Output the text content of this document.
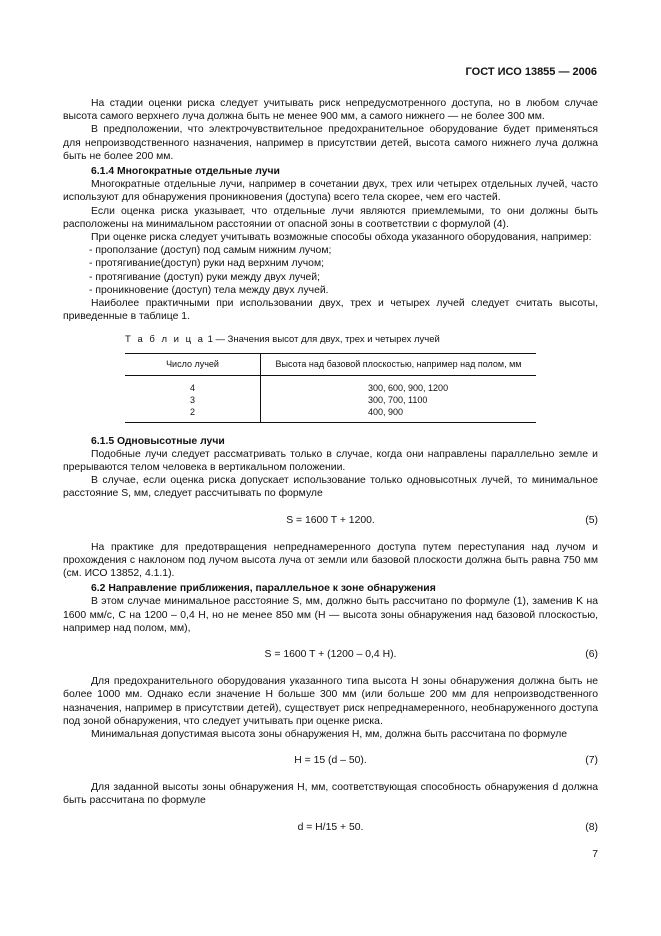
ГОСТ ИСО 13855 — 2006

На стадии оценки риска следует учитывать риск непредусмотренного доступа, но в любом случае высота самого верхнего луча должна быть не менее 900 мм, а самого нижнего — не более 300 мм.

В предположении, что электрочувствительное предохранительное оборудование будет применяться для непроизводственного назначения, например в присутствии детей, высота самого нижнего луча должна быть не более 200 мм.

6.1.4 Многократные отдельные лучи

Многократные отдельные лучи, например в сочетании двух, трех или четырех отдельных лучей, часто используют для обнаружения проникновения (доступа) всего тела скорее, чем его частей.

Если оценка риска указывает, что отдельные лучи являются приемлемыми, то они должны быть расположены на минимальном расстоянии от опасной зоны в соответствии с формулой (4).

При оценке риска следует учитывать возможные способы обхода указанного оборудования, например:

- проползание (доступ) под самым нижним лучом;

- протягивание(доступ) руки над верхним лучом;

- протягивание (доступ) руки между двух лучей;

- проникновение (доступ) тела между двух лучей.

Наиболее практичными при использовании двух, трех и четырех лучей следует считать высоты, приведенные в таблице 1.

Т а б л и ц а 1 — Значения высот для двух, трех и четырех лучей
Число лучей	Высота над базовой плоскостью, например над полом, мм
4	300, 600, 900, 1200
3	300, 700, 1100
2	400, 900
6.1.5 Одновысотные лучи

Подобные лучи следует рассматривать только в случае, когда они направлены параллельно земле и прерываются телом человека в вертикальном положении.

В случае, если оценка риска допускает использование только одновысотных лучей, то минимальное расстояние S, мм, следует рассчитывать по формуле

S = 1600 T + 1200.	(5)

На практике для предотвращения непреднамеренного доступа путем переступания над лучом и прохождения с наклоном под лучом высота луча от земли или базовой плоскости должна быть равна 750 мм (см. ИСО 13852, 4.1.1).

6.2 Направление приближения, параллельное к зоне обнаружения

В этом случае минимальное расстояние S, мм, должно быть рассчитано по формуле (1), заменив K на 1600 мм/с, C на 1200 – 0,4 H, но не менее 850 мм (H — высота зоны обнаружения над базовой плоскостью, например над полом, мм),

S = 1600 T + (1200 – 0,4 H).	(6)

Для предохранительного оборудования указанного типа высота H зоны обнаружения должна быть не более 1000 мм. Однако если значение H больше 300 мм (или больше 200 мм для непроизводственного назначения, например в присутствии детей), существует риск непреднамеренного, необнаруженного доступа под зоной обнаружения, что следует учитывать при оценке риска.

Минимальная допустимая высота зоны обнаружения H, мм, должна быть рассчитана по формуле

H = 15 (d – 50).	(7)

Для заданной высоты зоны обнаружения H, мм, соответствующая способность обнаружения d должна быть рассчитана по формуле

d = H/15 + 50.	(8)
7
